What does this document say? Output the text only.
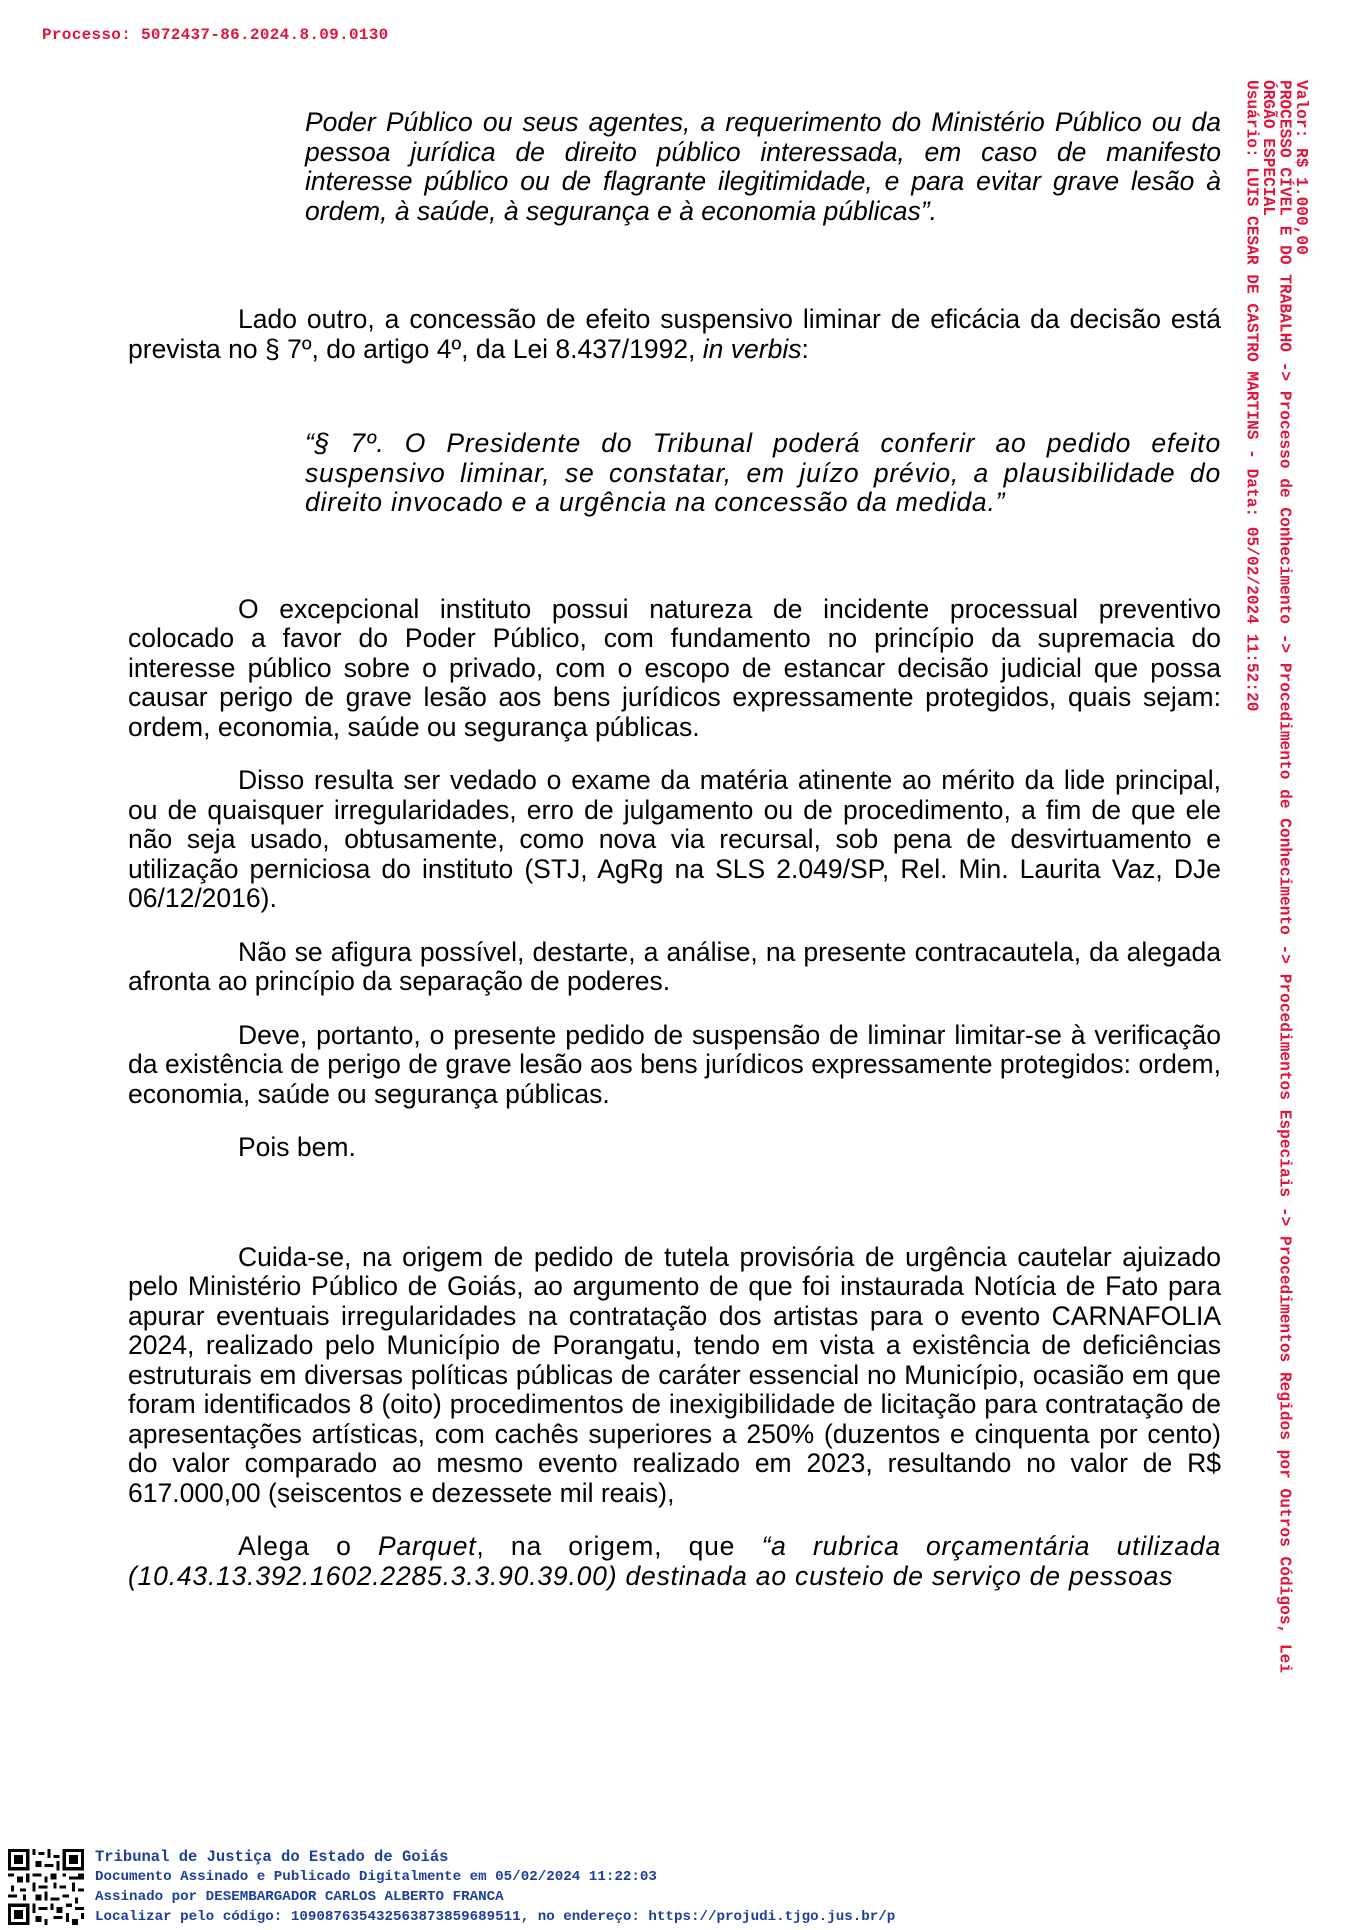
Processo: 5072437-86.2024.8.09.0130

Poder Público ou seus agentes, a requerimento do Ministério Público ou da pessoa jurídica de direito público interessada, em caso de manifesto interesse público ou de flagrante ilegitimidade, e para evitar grave lesão à ordem, à saúde, à segurança e à economia públicas”.

Lado outro, a concessão de efeito suspensivo liminar de eficácia da decisão está prevista no § 7º, do artigo 4º, da Lei 8.437/1992, in verbis:

“§ 7º. O Presidente do Tribunal poderá conferir ao pedido efeito suspensivo liminar, se constatar, em juízo prévio, a plausibilidade do direito invocado e a urgência na concessão da medida.”

O excepcional instituto possui natureza de incidente processual preventivo colocado a favor do Poder Público, com fundamento no princípio da supremacia do interesse público sobre o privado, com o escopo de estancar decisão judicial que possa causar perigo de grave lesão aos bens jurídicos expressamente protegidos, quais sejam: ordem, economia, saúde ou segurança públicas.

Disso resulta ser vedado o exame da matéria atinente ao mérito da lide principal, ou de quaisquer irregularidades, erro de julgamento ou de procedimento, a fim de que ele não seja usado, obtusamente, como nova via recursal, sob pena de desvirtuamento e utilização perniciosa do instituto (STJ, AgRg na SLS 2.049/SP, Rel. Min. Laurita Vaz, DJe 06/12/2016).

Não se afigura possível, destarte, a análise, na presente contracautela, da alegada afronta ao princípio da separação de poderes.

Deve, portanto, o presente pedido de suspensão de liminar limitar-se à verificação da existência de perigo de grave lesão aos bens jurídicos expressamente protegidos: ordem, economia, saúde ou segurança públicas.

Pois bem.

Cuida-se, na origem de pedido de tutela provisória de urgência cautelar ajuizado pelo Ministério Público de Goiás, ao argumento de que foi instaurada Notícia de Fato para apurar eventuais irregularidades na contratação dos artistas para o evento CARNAFOLIA 2024, realizado pelo Município de Porangatu, tendo em vista a existência de deficiências estruturais em diversas políticas públicas de caráter essencial no Município, ocasião em que foram identificados 8 (oito) procedimentos de inexigibilidade de licitação para contratação de apresentações artísticas, com cachês superiores a 250% (duzentos e cinquenta por cento) do valor comparado ao mesmo evento realizado em 2023, resultando no valor de R$ 617.000,00 (seiscentos e dezessete mil reais),

Alega o Parquet, na origem, que “a rubrica orçamentária utilizada (10.43.13.392.1602.2285.3.3.90.39.00) destinada ao custeio de serviço de pessoas

Valor: R$ 1.000,00
PROCESSO CÍVEL E DO TRABALHO -> Processo de Conhecimento -> Procedimento de Conhecimento -> Procedimentos Especiais -> Procedimentos Regidos por Outros Códigos, Lei
ÓRGÃO ESPECIAL
Usuário: LUIS CESAR DE CASTRO MARTINS - Data: 05/02/2024 11:52:20
Tribunal de Justiça do Estado de Goiás
Documento Assinado e Publicado Digitalmente em 05/02/2024 11:22:03
Assinado por DESEMBARGADOR CARLOS ALBERTO FRANCA
Localizar pelo código: 109087635432563873859689511, no endereço: https://projudi.tjgo.jus.br/p
